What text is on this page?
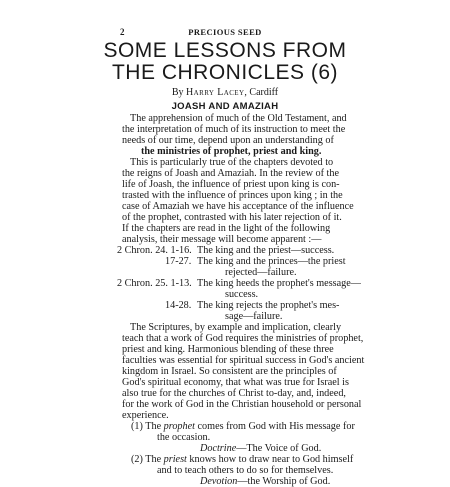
2	PRECIOUS SEED
SOME LESSONS FROM
THE CHRONICLES (6)
By Harry Lacey, Cardiff
JOASH AND AMAZIAH
The apprehension of much of the Old Testament, and
the interpretation of much of its instruction to meet the
needs of our time, depend upon an understanding of
the ministries of prophet, priest and king.
This is particularly true of the chapters devoted to
the reigns of Joash and Amaziah. In the review of the
life of Joash, the influence of priest upon king is con-
trasted with the influence of princes upon king ; in the
case of Amaziah we have his acceptance of the influence
of the prophet, contrasted with his later rejection of it.
If the chapters are read in the light of the following
analysis, their message will become apparent :—
2 Chron. 24. 1-16. The king and the priest—success.
17-27. The king and the princes—the priest
rejected—failure.
2 Chron. 25. 1-13. The king heeds the prophet's message—
success.
14-28. The king rejects the prophet's mes-
sage—failure.
The Scriptures, by example and implication, clearly
teach that a work of God requires the ministries of prophet,
priest and king. Harmonious blending of these three
faculties was essential for spiritual success in God's ancient
kingdom in Israel. So consistent are the principles of
God's spiritual economy, that what was true for Israel is
also true for the churches of Christ to-day, and, indeed,
for the work of God in the Christian household or personal
experience.
(1) The prophet comes from God with His message for
the occasion.
Doctrine—The Voice of God.
(2) The priest knows how to draw near to God himself
and to teach others to do so for themselves.
Devotion—the Worship of God.
